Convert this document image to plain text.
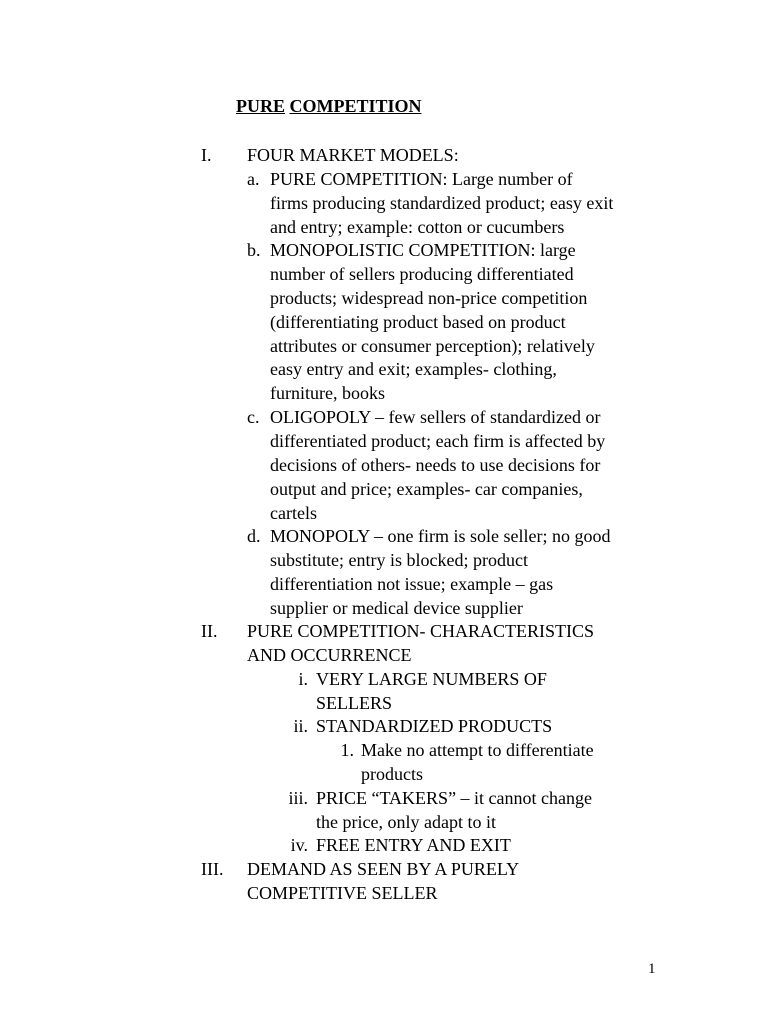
PURE COMPETITION
I.	FOUR MARKET MODELS:
a. PURE COMPETITION: Large number of
firms producing standardized product; easy exit
and entry; example: cotton or cucumbers
b. MONOPOLISTIC COMPETITION: large
number of sellers producing differentiated
products; widespread non-price competition
(differentiating product based on product
attributes or consumer perception); relatively
easy entry and exit; examples- clothing,
furniture, books
c. OLIGOPOLY – few sellers of standardized or
differentiated product; each firm is affected by
decisions of others- needs to use decisions for
output and price; examples- car companies,
cartels
d. MONOPOLY – one firm is sole seller; no good
substitute; entry is blocked; product
differentiation not issue; example – gas
supplier or medical device supplier
II.	PURE COMPETITION- CHARACTERISTICS
AND OCCURRENCE
i. VERY LARGE NUMBERS OF
SELLERS
ii. STANDARDIZED PRODUCTS
1. Make no attempt to differentiate
products
iii. PRICE “TAKERS” – it cannot change
the price, only adapt to it
iv. FREE ENTRY AND EXIT
III.	DEMAND AS SEEN BY A PURELY
COMPETITIVE SELLER
1
